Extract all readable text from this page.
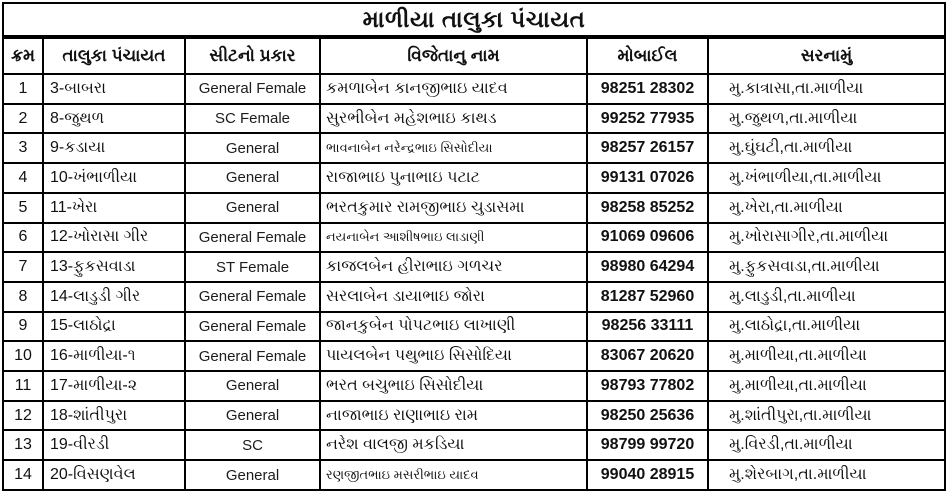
માળીયા તાલુકા પંચાયત					
ક્રમ	તાલુકા પંચાયત	સીટનો પ્રકાર	વિજેતાનુ નામ	મોબાઈલ	સરનામું
1	3-બાબરા	General Female	કમળાબેન કાનજીભાઇ યાદવ	98251 28302	મુ.કાત્રાસા,તા.માળીયા
2	8-જુથળ	SC Female	સુરભીબેન મહેશભાઇ કાથડ	99252 77935	મુ.જુથળ,તા.માળીયા
3	9-કડાયા	General	ભાવનાબેન નરેન્દ્રભાઇ સિસોદીયા	98257 26157	મુ.ઘુંઘટી,તા.માળીયા
4	10-ખંભાળીયા	General	રાજાભાઇ પુનાભાઇ પટાટ	99131 07026	મુ.ખંભાળીયા,તા.માળીયા
5	11-ખેરા	General	ભરતકુમાર રામજીભાઇ ચુડાસમા	98258 85252	મુ.ખેરા,તા.માળીયા
6	12-ખોરાસા ગીર	General Female	નયનાબેન આશીષભાઇ લાડાણી	91069 09606	મુ.ખોરાસાગીર,તા.માળીયા
7	13-ફુકસવાડા	ST Female	કાજલબેન હીરાભાઇ ગળચર	98980 64294	મુ.ફુકસવાડા,તા.માળીયા
8	14-લાડુડી ગીર	General Female	સરલાબેન ડાયાભાઇ જોરા	81287 52960	મુ.લાડુડી,તા.માળીયા
9	15-લાઠોદ્રા	General Female	જાનકુબેન પોપટભાઇ લાખાણી	98256 33111	મુ.લાઠોદ્રા,તા.માળીયા
10	16-માળીયા-૧	General Female	પાયલબેન પથુભાઇ સિસોદિયા	83067 20620	મુ.માળીયા,તા.માળીયા
11	17-માળીયા-૨	General	ભરત બચુભાઇ સિસોદીયા	98793 77802	મુ.માળીયા,તા.માળીયા
12	18-શાંતીપુરા	General	નાજાભાઇ રાણાભાઇ રામ	98250 25636	મુ.શાંતીપુરા,તા.માળીયા
13	19-વીરડી	SC	નરેશ વાલજી મકડિયા	98799 99720	મુ.વિરડી,તા.માળીયા
14	20-વિસણવેલ	General	રણજીતભાઇ મસરીભાઇ યાદવ	99040 28915	મુ.શેરબાગ,તા.માળીયા
